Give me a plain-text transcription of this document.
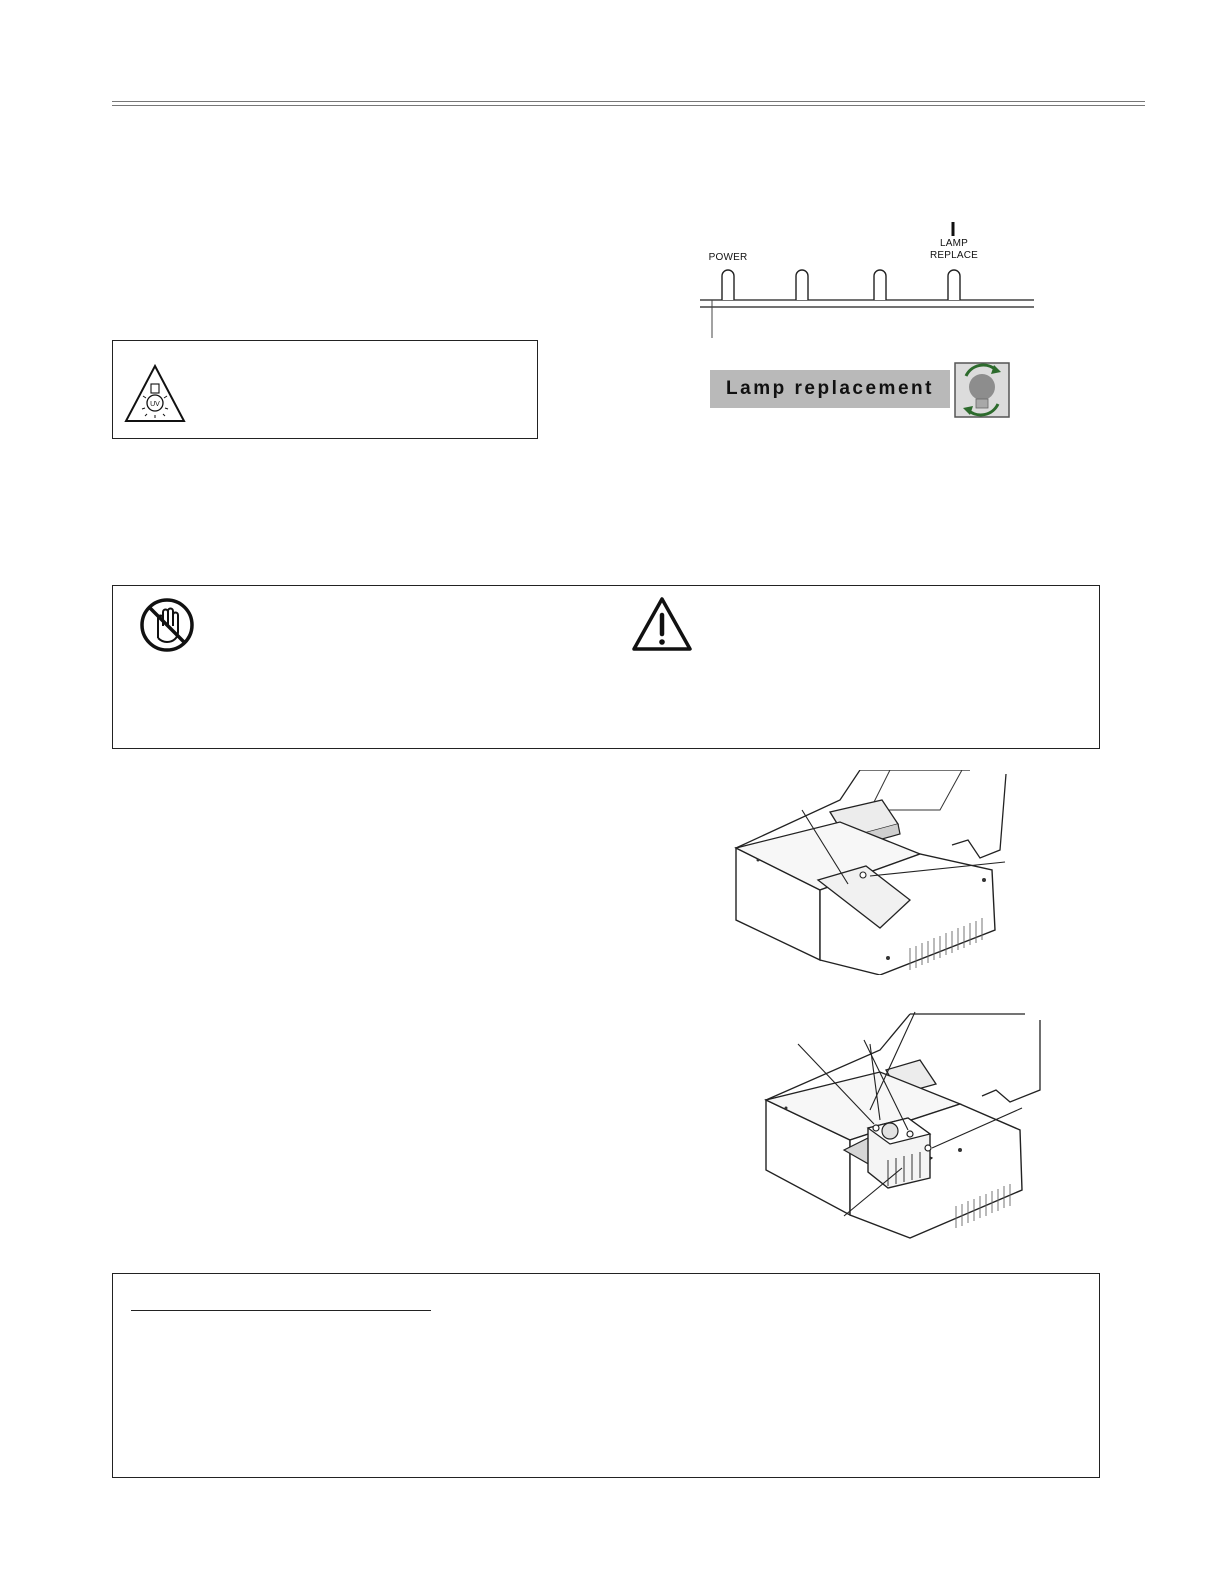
UV
POWER
LAMP
REPLACE
Lamp replacement
